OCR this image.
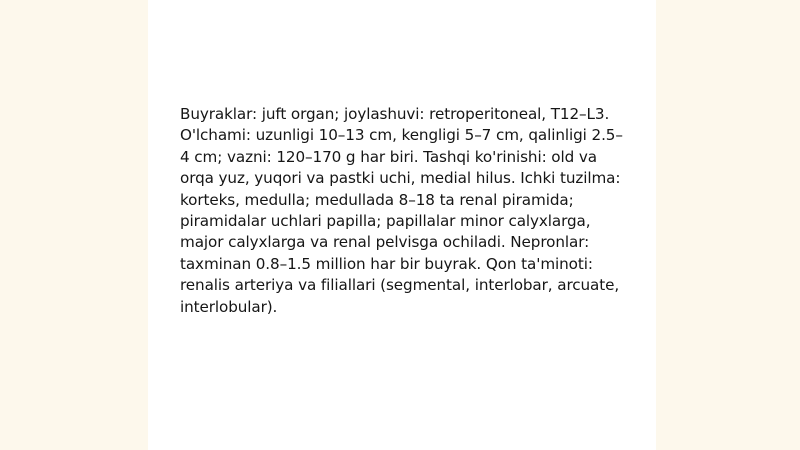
Buyraklar: juft organ; joylashuvi: retroperitoneal, T12–L3. O'lchami: uzunligi 10–13 cm, kengligi 5–7 cm, qalinligi 2.5–4 cm; vazni: 120–170 g har biri. Tashqi ko'rinishi: old va orqa yuz, yuqori va pastki uchi, medial hilus. Ichki tuzilma: korteks, medulla; medullada 8–18 ta renal piramida; piramidalar uchlari papilla; papillalar minor calyxlarga, major calyxlarga va renal pelvisga ochiladi. Nepronlar: taxminan 0.8–1.5 million har bir buyrak. Qon ta'minoti: renalis arteriya va filiallari (segmental, interlobar, arcuate, interlobular).
